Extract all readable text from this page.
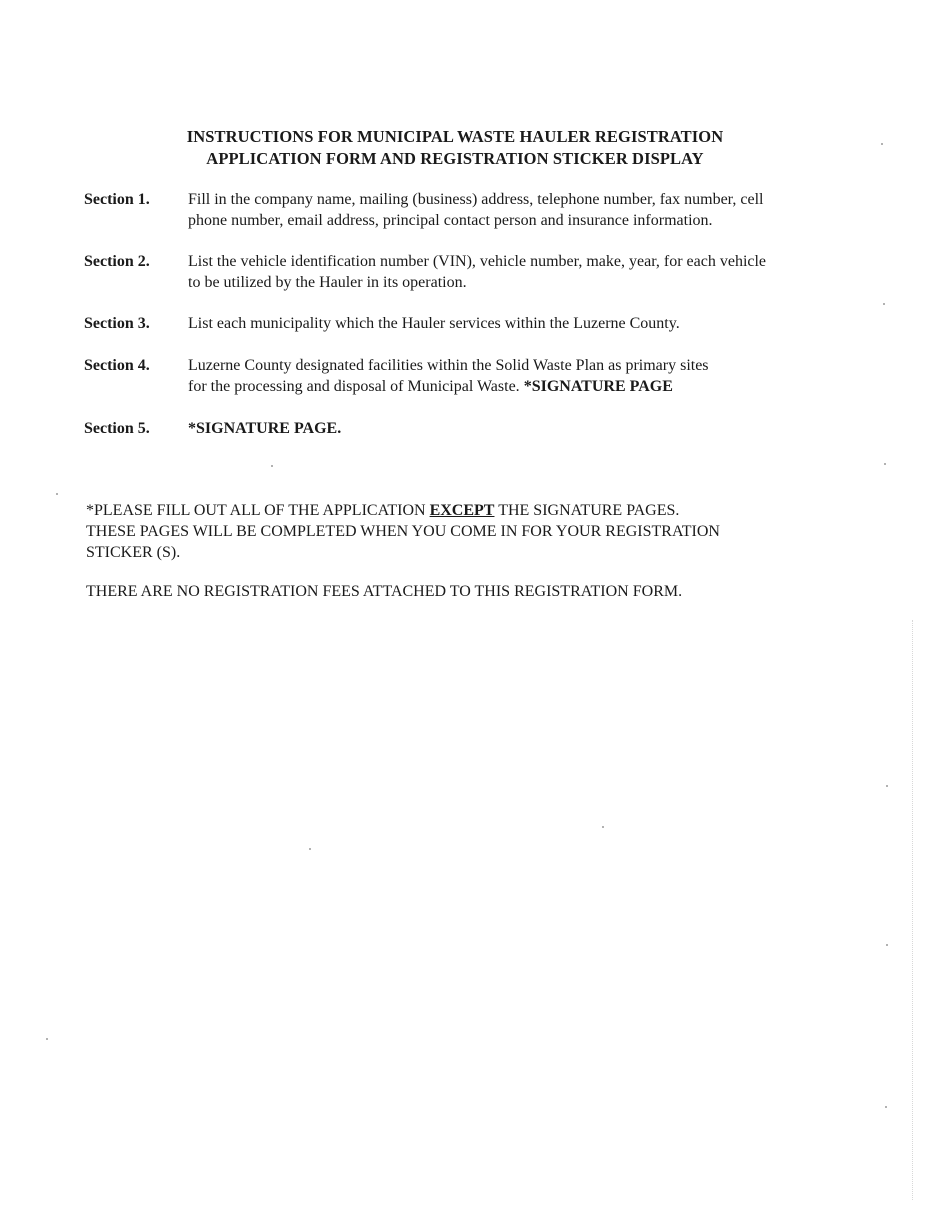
INSTRUCTIONS FOR MUNICIPAL WASTE HAULER REGISTRATION
APPLICATION FORM AND REGISTRATION STICKER DISPLAY
Section 1. Fill in the company name, mailing (business) address, telephone number, fax number, cell
phone number, email address, principal contact person and insurance information.
Section 2. List the vehicle identification number (VIN), vehicle number, make, year, for each vehicle
to be utilized by the Hauler in its operation.
Section 3. List each municipality which the Hauler services within the Luzerne County.
Section 4. Luzerne County designated facilities within the Solid Waste Plan as primary sites
for the processing and disposal of Municipal Waste. *SIGNATURE PAGE
Section 5. *SIGNATURE PAGE.
*PLEASE FILL OUT ALL OF THE APPLICATION EXCEPT THE SIGNATURE PAGES.
THESE PAGES WILL BE COMPLETED WHEN YOU COME IN FOR YOUR REGISTRATION
STICKER (S).
THERE ARE NO REGISTRATION FEES ATTACHED TO THIS REGISTRATION FORM.
